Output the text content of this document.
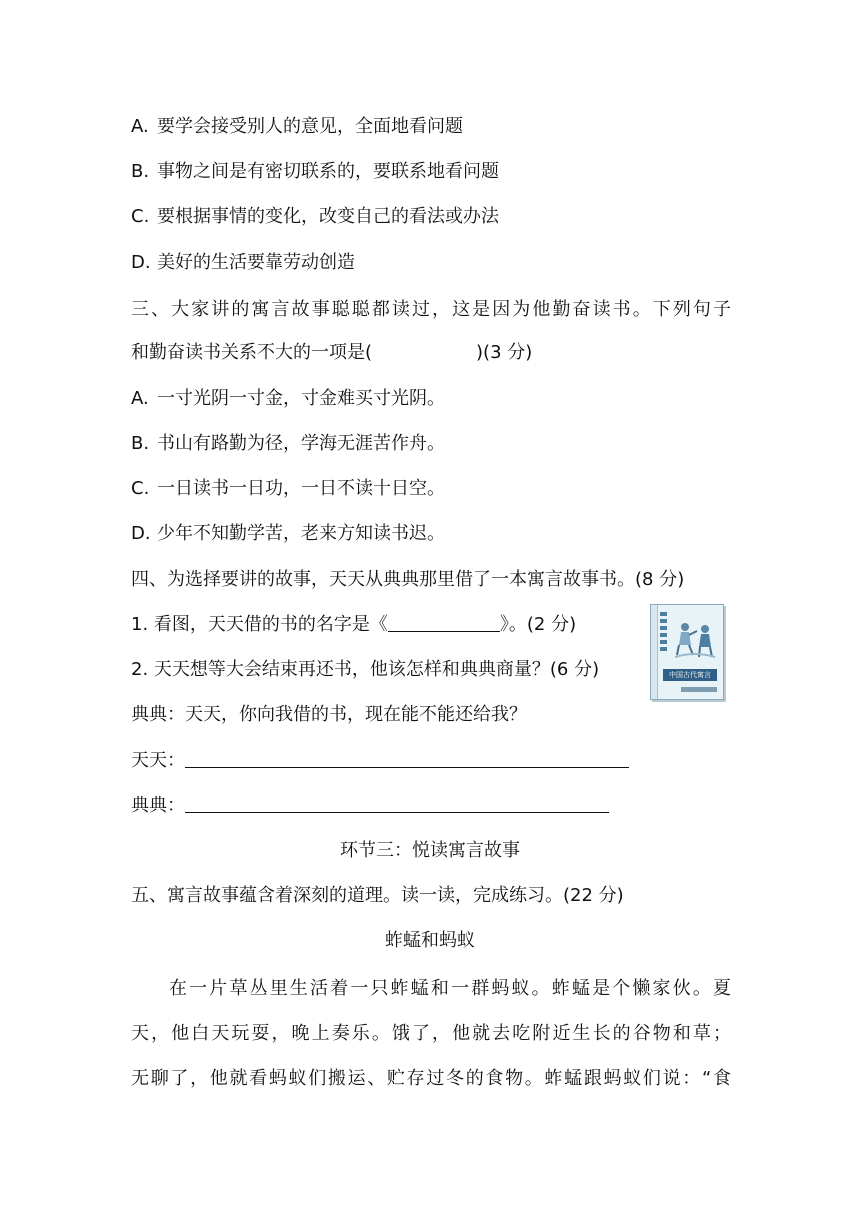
A. 要学会接受别人的意见，全面地看问题
B. 事物之间是有密切联系的，要联系地看问题
C. 要根据事情的变化，改变自己的看法或办法
D. 美好的生活要靠劳动创造
三、大家讲的寓言故事聪聪都读过，这是因为他勤奋读书。下列句子
和勤奋读书关系不大的一项是(	)(3 分)
A. 一寸光阴一寸金，寸金难买寸光阴。
B. 书山有路勤为径，学海无涯苦作舟。
C. 一日读书一日功，一日不读十日空。
D. 少年不知勤学苦，老来方知读书迟。
四、为选择要讲的故事，天天从典典那里借了一本寓言故事书。(8 分)
1. 看图，天天借的书的名字是《	》。(2 分)
2. 天天想等大会结束再还书，他该怎样和典典商量？(6 分)
典典：天天，你向我借的书，现在能不能还给我？
天天：
典典：
中国古代寓言
环节三：悦读寓言故事
五、寓言故事蕴含着深刻的道理。读一读，完成练习。(22 分)
蚱蜢和蚂蚁
在一片草丛里生活着一只蚱蜢和一群蚂蚁。蚱蜢是个懒家伙。夏
天，他白天玩耍，晚上奏乐。饿了，他就去吃附近生长的谷物和草；
无聊了，他就看蚂蚁们搬运、贮存过冬的食物。蚱蜢跟蚂蚁们说：“食
